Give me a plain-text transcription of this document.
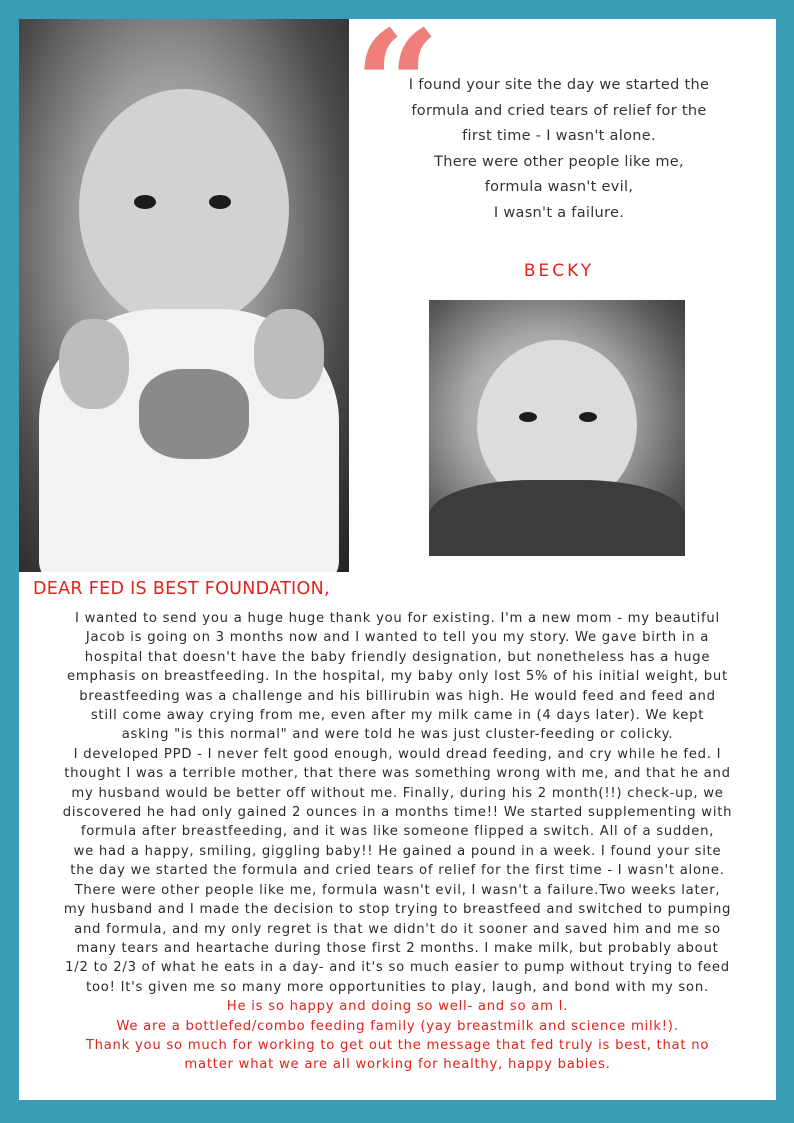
“
I found your site the day we started the
formula and cried tears of relief for the
first time - I wasn't alone.
There were other people like me,
formula wasn't evil,
I wasn't a failure.
BECKY
DEAR FED IS BEST FOUNDATION,
I wanted to send you a huge huge thank you for existing. I'm a new mom - my beautiful
Jacob is going on 3 months now and I wanted to tell you my story. We gave birth in a
hospital that doesn't have the baby friendly designation, but nonetheless has a huge
emphasis on breastfeeding. In the hospital, my baby only lost 5% of his initial weight, but
breastfeeding was a challenge and his billirubin was high. He would feed and feed and
still come away crying from me, even after my milk came in (4 days later). We kept
asking "is this normal" and were told he was just cluster-feeding or colicky.
I developed PPD - I never felt good enough, would dread feeding, and cry while he fed. I
thought I was a terrible mother, that there was something wrong with me, and that he and
my husband would be better off without me. Finally, during his 2 month(!!) check-up, we
discovered he had only gained 2 ounces in a months time!! We started supplementing with
formula after breastfeeding, and it was like someone flipped a switch. All of a sudden,
we had a happy, smiling, giggling baby!! He gained a pound in a week. I found your site
the day we started the formula and cried tears of relief for the first time - I wasn't alone.
There were other people like me, formula wasn't evil, I wasn't a failure.Two weeks later,
my husband and I made the decision to stop trying to breastfeed and switched to pumping
and formula, and my only regret is that we didn't do it sooner and saved him and me so
many tears and heartache during those first 2 months. I make milk, but probably about
1/2 to 2/3 of what he eats in a day- and it's so much easier to pump without trying to feed
too! It's given me so many more opportunities to play, laugh, and bond with my son.
He is so happy and doing so well- and so am I.
We are a bottlefed/combo feeding family (yay breastmilk and science milk!).
Thank you so much for working to get out the message that fed truly is best, that no
matter what we are all working for healthy, happy babies.
